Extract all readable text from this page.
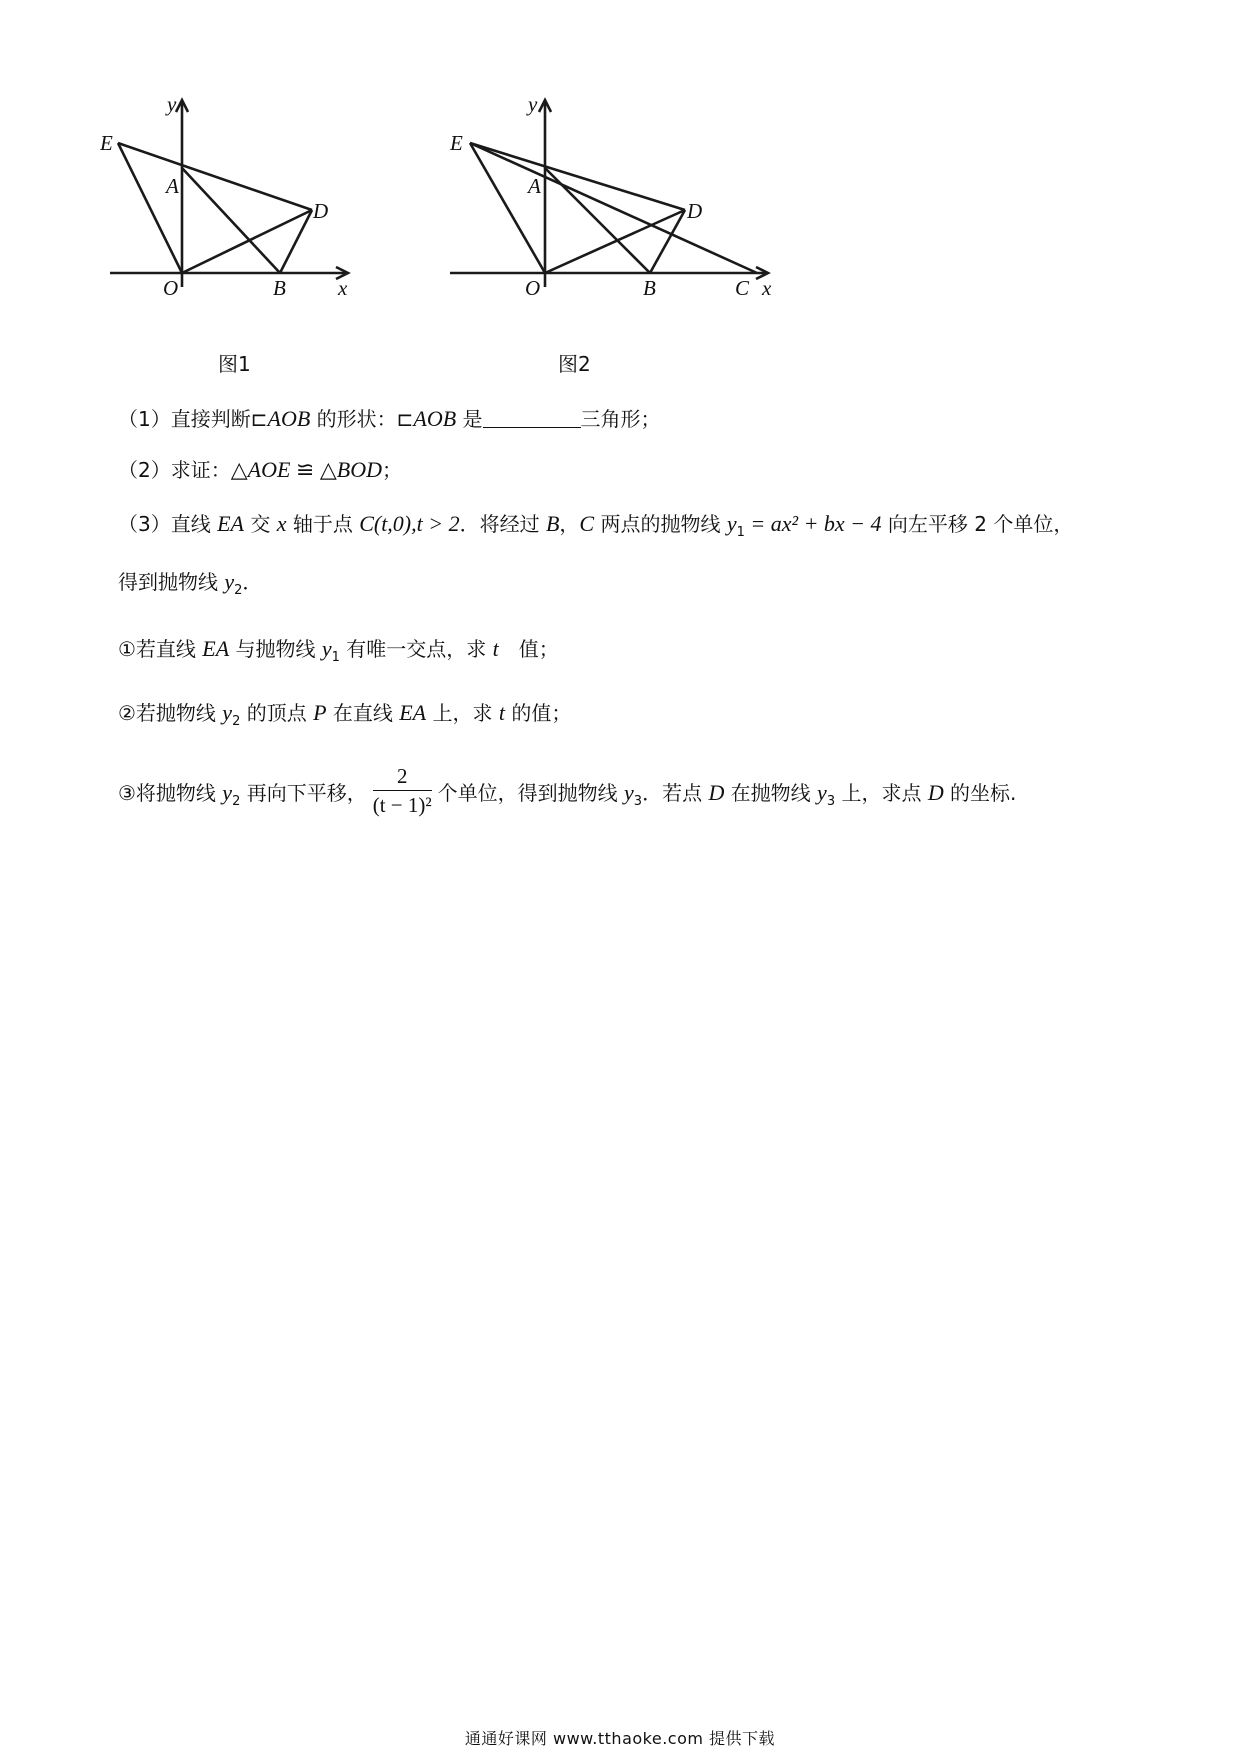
E
A
D
O	B x
y
图1
E
A
D
O	B	C x
y
图2
（1）直接判断⊏AOB 的形状：⊏AOB 是	三角形；
（2）求证：△AOE ≌ △BOD；
（3）直线 EA 交 x 轴于点 C(t,0),t > 2．将经过 B，C 两点的抛物线 $y_1 = ax^2$ + bx − 4 向左平移 2 个单位，
得到抛物线 $y_2$．
①若直线 EA 与抛物线 $y_1$ 有唯一交点，求 t　值；
②若抛物线 $y_2$ 的顶点 P 在直线 EA 上，求 t 的值；
③将抛物线 $y_2$ 再向下平移， $\frac{2}{\text{(t − 1)²}}$ 个单位，得到抛物线 $y_3$．若点 D 在抛物线 $y_3$ 上，求点 D 的坐标.
通通好课网 www.tthaoke.com 提供下载
